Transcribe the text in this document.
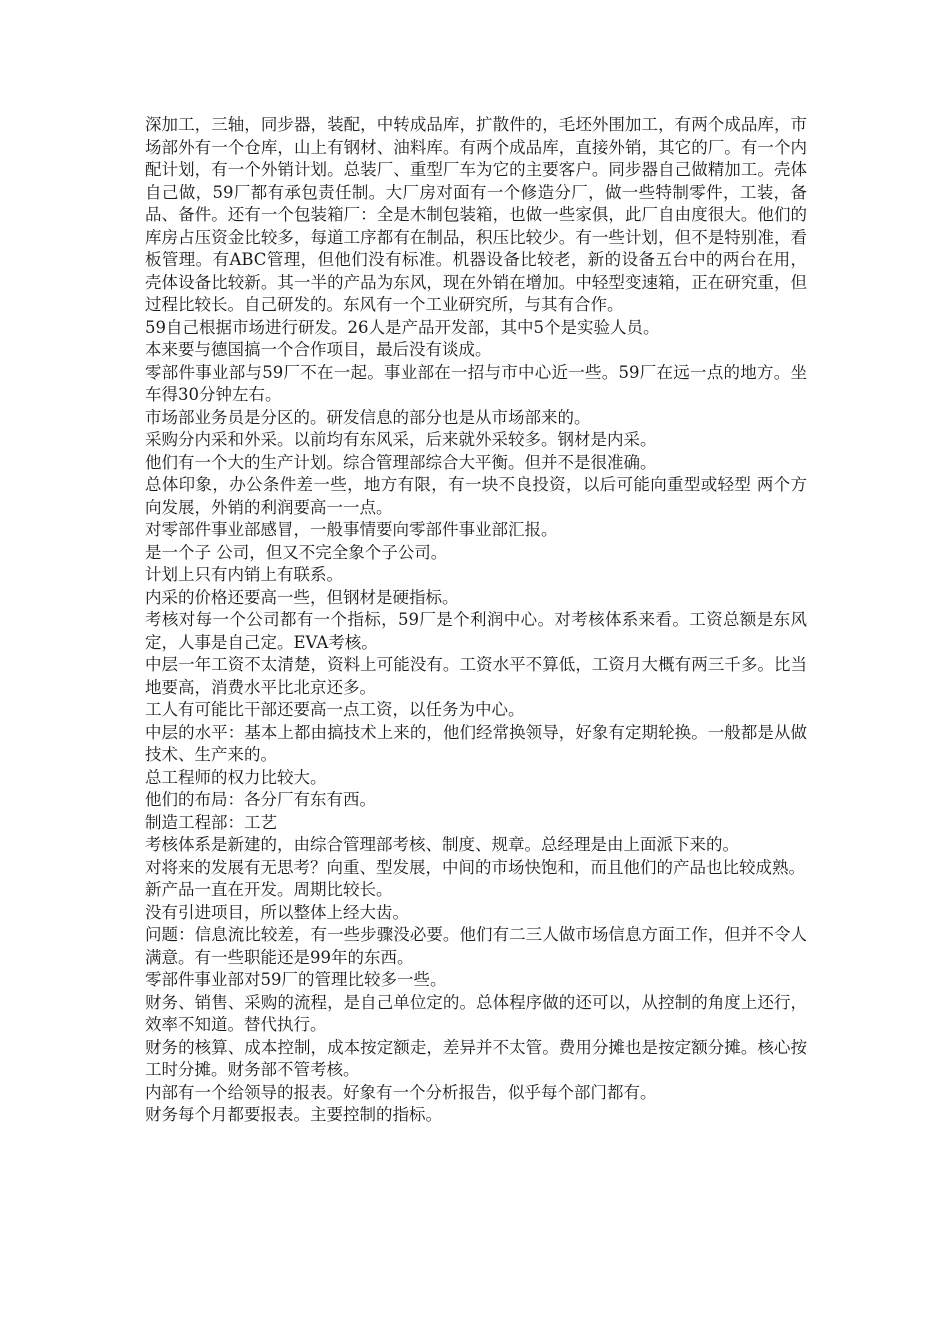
深加工，三轴，同步器，装配，中转成品库，扩散件的，毛坯外围加工，有两个成品库，市场部外有一个仓库，山上有钢材、油料库。有两个成品库，直接外销，其它的厂。有一个内配计划，有一个外销计划。总装厂、重型厂车为它的主要客户。同步器自己做精加工。壳体自己做，59厂都有承包责任制。大厂房对面有一个修造分厂，做一些特制零件，工装，备品、备件。还有一个包装箱厂：全是木制包装箱，也做一些家俱，此厂自由度很大。他们的库房占压资金比较多，每道工序都有在制品，积压比较少。有一些计划，但不是特别准，看板管理。有ABC管理，但他们没有标准。机器设备比较老，新的设备五台中的两台在用，壳体设备比较新。其一半的产品为东风，现在外销在增加。中轻型变速箱，正在研究重，但过程比较长。自己研发的。东风有一个工业研究所，与其有合作。

59自己根据市场进行研发。26人是产品开发部，其中5个是实验人员。

本来要与德国搞一个合作项目，最后没有谈成。

零部件事业部与59厂不在一起。事业部在一招与市中心近一些。59厂在远一点的地方。坐车得30分钟左右。

市场部业务员是分区的。研发信息的部分也是从市场部来的。

采购分内采和外采。以前均有东风采，后来就外采较多。钢材是内采。

他们有一个大的生产计划。综合管理部综合大平衡。但并不是很准确。

总体印象，办公条件差一些，地方有限，有一块不良投资，以后可能向重型或轻型 两个方向发展，外销的利润要高一一点。

对零部件事业部感冒，一般事情要向零部件事业部汇报。

是一个子 公司，但又不完全象个子公司。

计划上只有内销上有联系。

内采的价格还要高一些，但钢材是硬指标。

考核对每一个公司都有一个指标，59厂是个利润中心。对考核体系来看。工资总额是东风定，人事是自己定。EVA考核。

中层一年工资不太清楚，资料上可能没有。工资水平不算低，工资月大概有两三千多。比当地要高，消费水平比北京还多。

工人有可能比干部还要高一点工资，以任务为中心。

中层的水平：基本上都由搞技术上来的，他们经常换领导，好象有定期轮换。一般都是从做技术、生产来的。

总工程师的权力比较大。

他们的布局：各分厂有东有西。

制造工程部：工艺

考核体系是新建的，由综合管理部考核、制度、规章。总经理是由上面派下来的。

对将来的发展有无思考？向重、型发展，中间的市场快饱和，而且他们的产品也比较成熟。

新产品一直在开发。周期比较长。

没有引进项目，所以整体上经大齿。

问题：信息流比较差，有一些步骤没必要。他们有二三人做市场信息方面工作，但并不令人满意。有一些职能还是99年的东西。

零部件事业部对59厂的管理比较多一些。

财务、销售、采购的流程，是自己单位定的。总体程序做的还可以，从控制的角度上还行，效率不知道。替代执行。

财务的核算、成本控制，成本按定额走，差异并不太管。费用分摊也是按定额分摊。核心按工时分摊。财务部不管考核。

内部有一个给领导的报表。好象有一个分析报告，似乎每个部门都有。

财务每个月都要报表。主要控制的指标。
